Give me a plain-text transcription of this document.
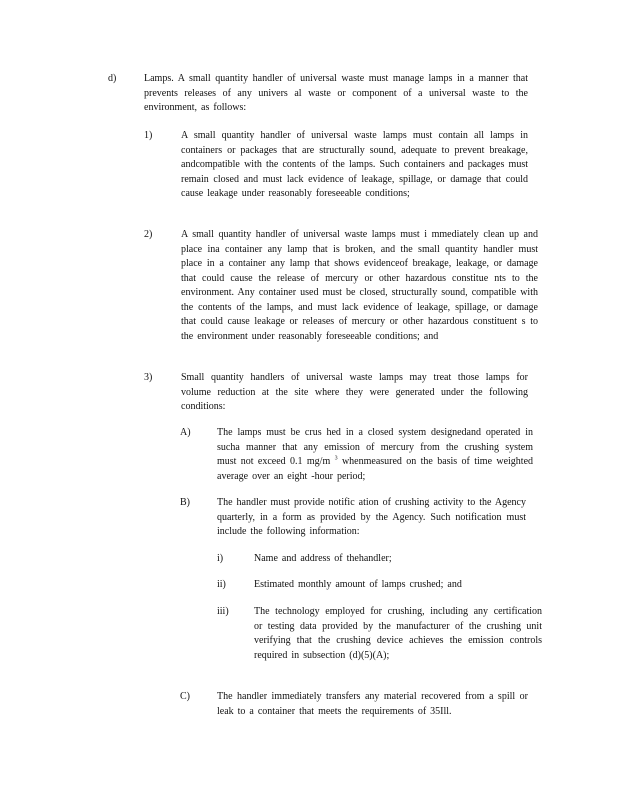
d)	Lamps. A small quantity handler of universal waste must manage lamps in a manner that prevents releases of any univers al waste or component of a universal waste to the environment, as follows:
1)	A small quantity handler of universal waste lamps must contain all lamps in containers or packages that are structurally sound, adequate to prevent breakage, andcompatible with the contents of the lamps. Such containers and packages must remain closed and must lack evidence of leakage, spillage, or damage that could cause leakage under reasonably foreseeable conditions;
2)	A small quantity handler of universal waste lamps must i mmediately clean up and place ina container any lamp that is broken, and the small quantity handler must place in a container any lamp that shows evidenceof breakage, leakage, or damage that could cause the release of mercury or other hazardous constitue nts to the environment. Any container used must be closed, structurally sound, compatible with the contents of the lamps, and must lack evidence of leakage, spillage, or damage that could cause leakage or releases of mercury or other hazardous constituent s to the environment under reasonably foreseeable conditions; and
3)	Small quantity handlers of universal waste lamps may treat those lamps for volume reduction at the site where they were generated under the following conditions:
A)	The lamps must be crus hed in a closed system designedand operated in sucha manner that any emission of mercury from the crushing system must not exceed 0.1 mg/m $^3$ whenmeasured on the basis of time weighted average over an eight -hour period;
B)	The handler must provide notific ation of crushing activity to the Agency quarterly, in a form as provided by the Agency. Such notification must include the following information:
i)	Name and address of thehandler;
ii)	Estimated monthly amount of lamps crushed; and
iii)	The technology employed for crushing, including any certification or testing data provided by the manufacturer of the crushing unit verifying that the crushing device achieves the emission controls required in subsection (d)(5)(A);
C)	The handler immediately transfers any material recovered from a spill or leak to a container that meets the requirements of 35Ill.
